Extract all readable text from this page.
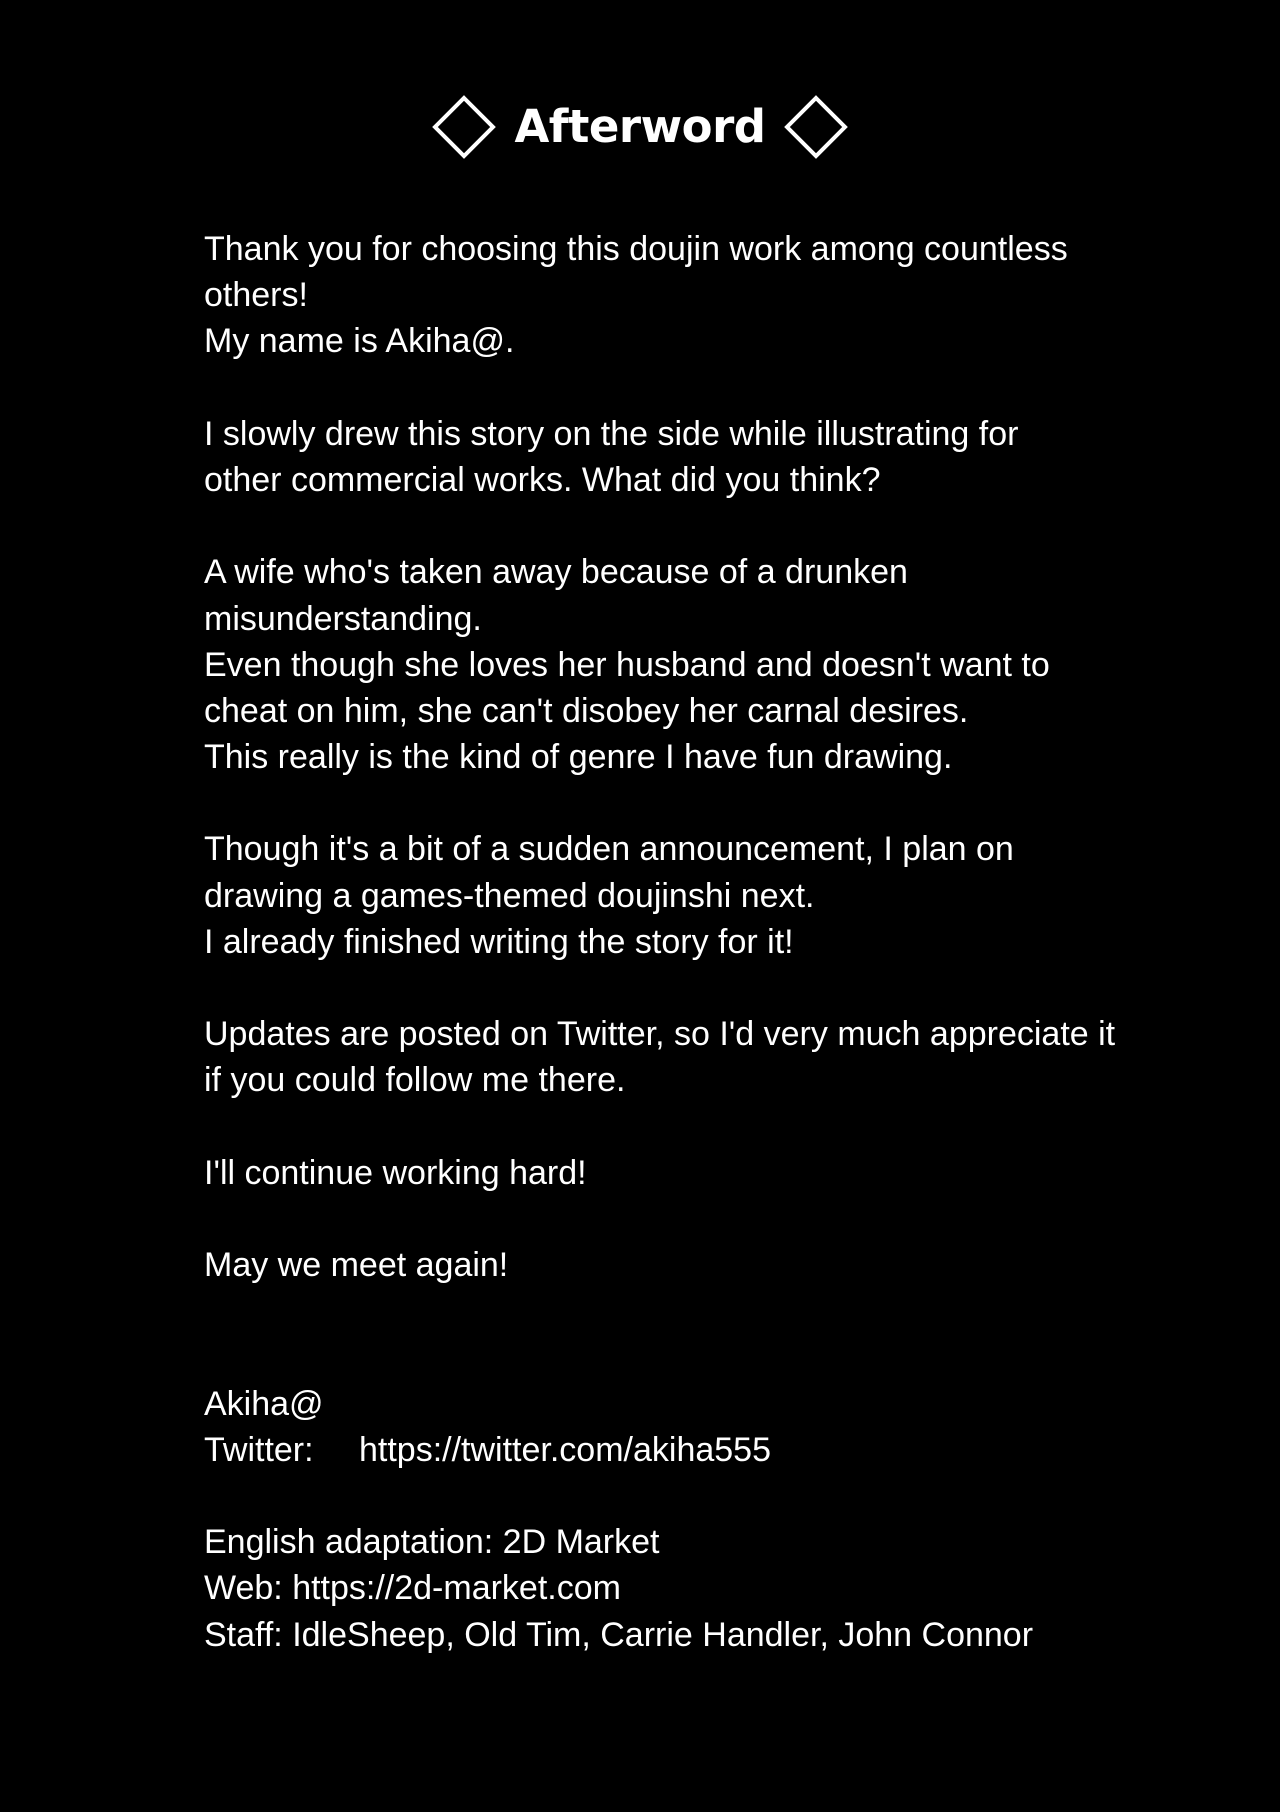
Afterword
Thank you for choosing this doujin work among countless
others!
My name is Akiha@.
I slowly drew this story on the side while illustrating for
other commercial works. What did you think?
A wife who's taken away because of a drunken
misunderstanding.
Even though she loves her husband and doesn't want to
cheat on him, she can't disobey her carnal desires.
This really is the kind of genre I have fun drawing.
Though it's a bit of a sudden announcement, I plan on
drawing a games-themed doujinshi next.
I already finished writing the story for it!
Updates are posted on Twitter, so I'd very much appreciate it
if you could follow me there.
I'll continue working hard!
May we meet again!
Akiha@
Twitter: https://twitter.com/akiha555
English adaptation: 2D Market
Web: https://2d-market.com
Staff: IdleSheep, Old Tim, Carrie Handler, John Connor
